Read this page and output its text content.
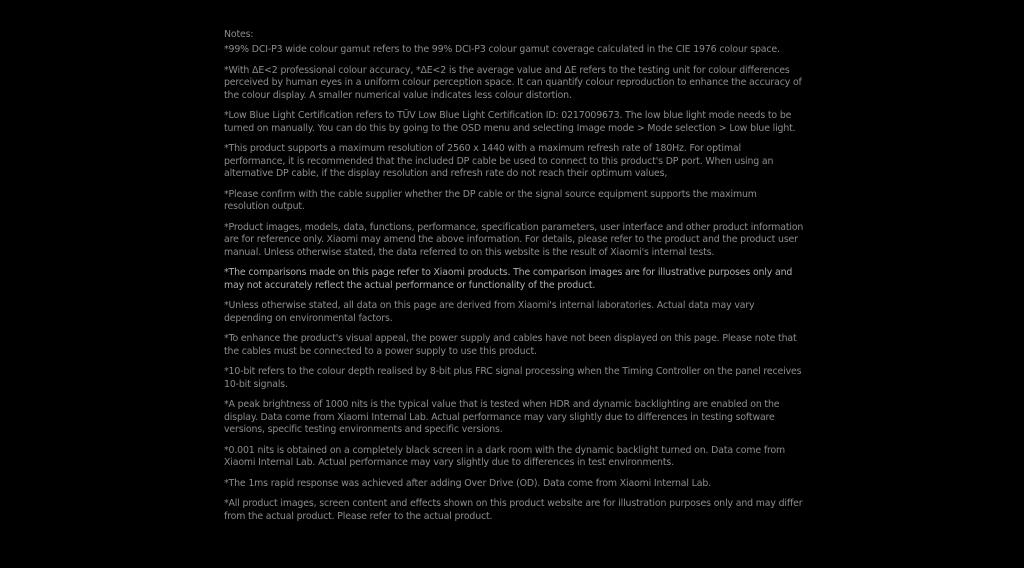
Notes:

*99% DCI-P3 wide colour gamut refers to the 99% DCI-P3 colour gamut coverage calculated in the CIE 1976 colour space.

*With ΔE<2 professional colour accuracy, *ΔE<2 is the average value and ΔE refers to the testing unit for colour differences perceived by human eyes in a uniform colour perception space. It can quantify colour reproduction to enhance the accuracy of the colour display. A smaller numerical value indicates less colour distortion.

*Low Blue Light Certification refers to TÜV Low Blue Light Certification ID: 0217009673. The low blue light mode needs to be turned on manually. You can do this by going to the OSD menu and selecting Image mode > Mode selection > Low blue light.

*This product supports a maximum resolution of 2560 x 1440 with a maximum refresh rate of 180Hz. For optimal performance, it is recommended that the included DP cable be used to connect to this product's DP port. When using an alternative DP cable, if the display resolution and refresh rate do not reach their optimum values,

*Please confirm with the cable supplier whether the DP cable or the signal source equipment supports the maximum resolution output.

*Product images, models, data, functions, performance, specification parameters, user interface and other product information are for reference only. Xiaomi may amend the above information. For details, please refer to the product and the product user manual. Unless otherwise stated, the data referred to on this website is the result of Xiaomi's internal tests.

*The comparisons made on this page refer to Xiaomi products. The comparison images are for illustrative purposes only and may not accurately reflect the actual performance or functionality of the product.

*Unless otherwise stated, all data on this page are derived from Xiaomi's internal laboratories. Actual data may vary depending on environmental factors.

*To enhance the product's visual appeal, the power supply and cables have not been displayed on this page. Please note that the cables must be connected to a power supply to use this product.

*10-bit refers to the colour depth realised by 8-bit plus FRC signal processing when the Timing Controller on the panel receives 10-bit signals.

*A peak brightness of 1000 nits is the typical value that is tested when HDR and dynamic backlighting are enabled on the display. Data come from Xiaomi Internal Lab. Actual performance may vary slightly due to differences in testing software versions, specific testing environments and specific versions.

*0.001 nits is obtained on a completely black screen in a dark room with the dynamic backlight turned on. Data come from Xiaomi Internal Lab. Actual performance may vary slightly due to differences in test environments.

*The 1ms rapid response was achieved after adding Over Drive (OD). Data come from Xiaomi Internal Lab.

*All product images, screen content and effects shown on this product website are for illustration purposes only and may differ from the actual product. Please refer to the actual product.
